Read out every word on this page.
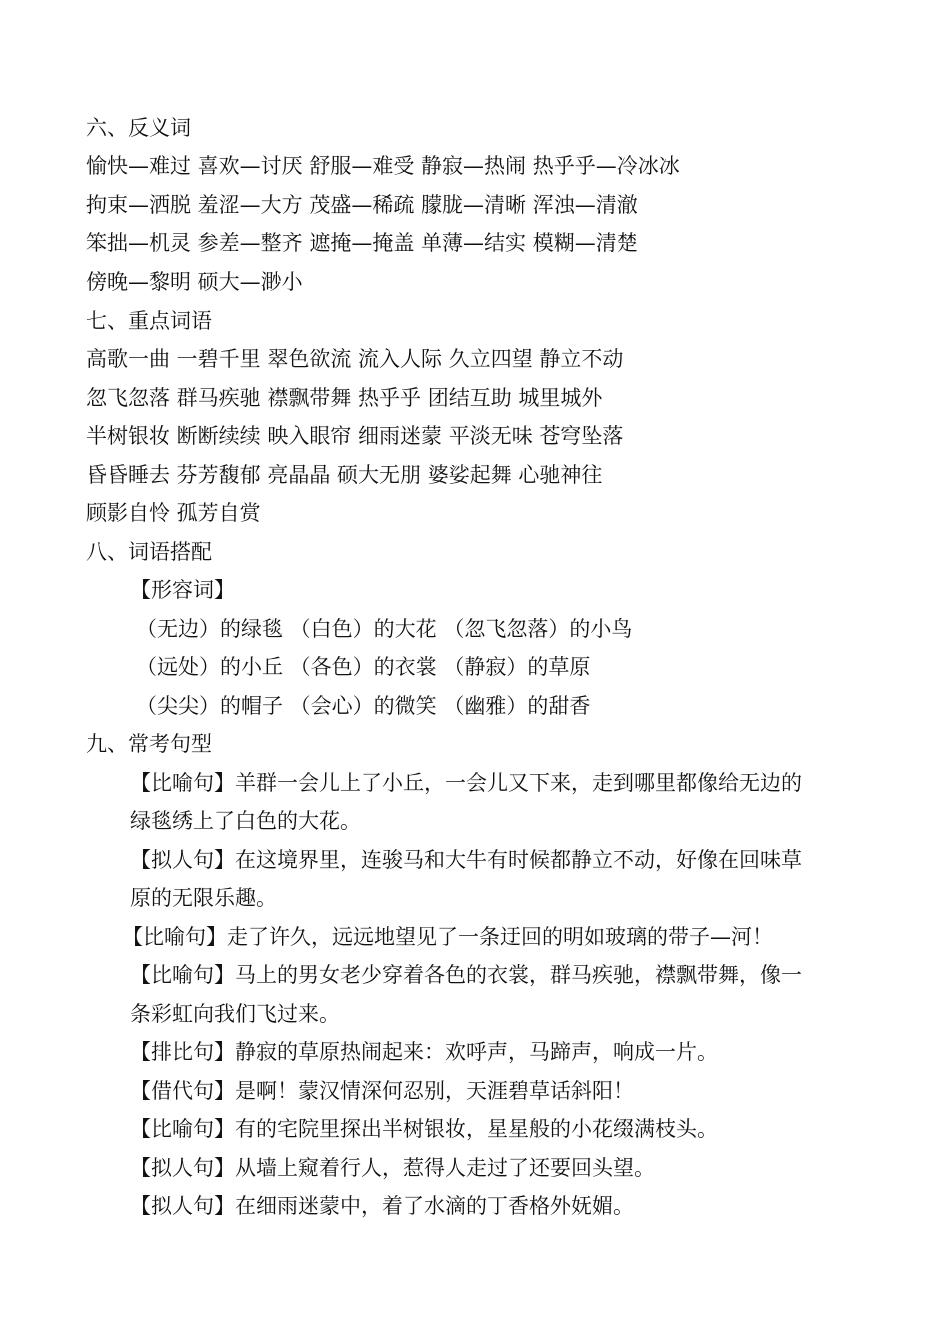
六、反义词
愉快—难过 喜欢—讨厌 舒服—难受 静寂—热闹 热乎乎—冷冰冰
拘束—洒脱 羞涩—大方 茂盛—稀疏 朦胧—清晰 浑浊—清澈
笨拙—机灵 参差—整齐 遮掩—掩盖 单薄—结实 模糊—清楚
傍晚—黎明 硕大—渺小
七、重点词语
高歌一曲 一碧千里 翠色欲流 流入人际 久立四望 静立不动
忽飞忽落 群马疾驰 襟飘带舞 热乎乎 团结互助 城里城外
半树银妆 断断续续 映入眼帘 细雨迷蒙 平淡无味 苍穹坠落
昏昏睡去 芬芳馥郁 亮晶晶 硕大无朋 婆娑起舞 心驰神往
顾影自怜 孤芳自赏
八、词语搭配
【形容词】
（无边）的绿毯 （白色）的大花 （忽飞忽落）的小鸟
（远处）的小丘 （各色）的衣裳 （静寂）的草原
（尖尖）的帽子 （会心）的微笑 （幽雅）的甜香
九、常考句型
【比喻句】羊群一会儿上了小丘，一会儿又下来，走到哪里都像给无边的
绿毯绣上了白色的大花。
【拟人句】在这境界里，连骏马和大牛有时候都静立不动，好像在回味草
原的无限乐趣。
【比喻句】走了许久，远远地望见了一条迂回的明如玻璃的带子—河！
【比喻句】马上的男女老少穿着各色的衣裳，群马疾驰，襟飘带舞，像一
条彩虹向我们飞过来。
【排比句】静寂的草原热闹起来：欢呼声，马蹄声，响成一片。
【借代句】是啊！蒙汉情深何忍别，天涯碧草话斜阳！
【比喻句】有的宅院里探出半树银妆，星星般的小花缀满枝头。
【拟人句】从墙上窥着行人，惹得人走过了还要回头望。
【拟人句】在细雨迷蒙中，着了水滴的丁香格外妩媚。
